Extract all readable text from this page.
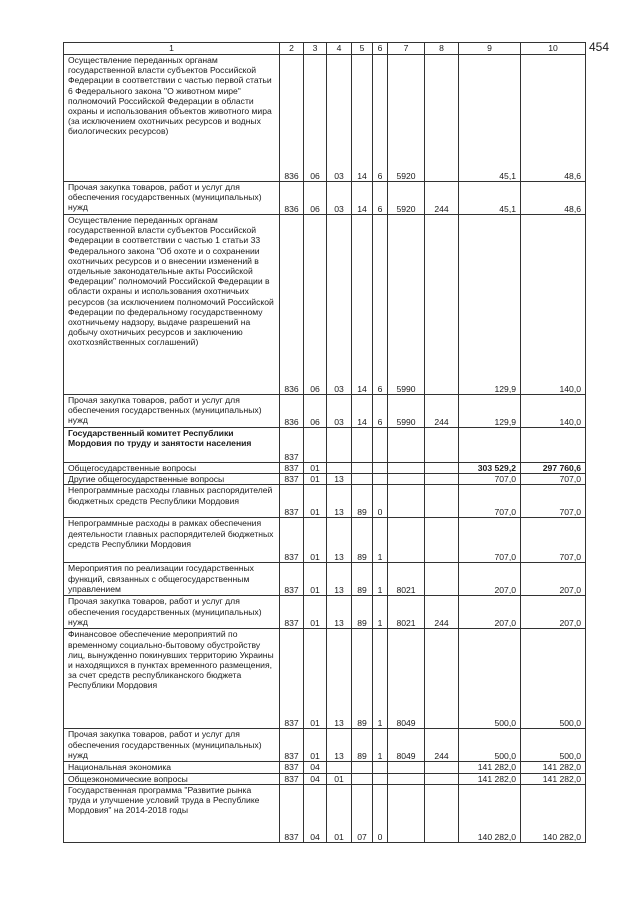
454
1	2	3	4	5	6	7	8	9	10
Осуществление переданных органам государственной власти субъектов Российской Федерации в соответствии с частью первой статьи 6 Федерального закона "О животном мире" полномочий Российской Федерации в области охраны и использования объектов животного мира (за исключением охотничьих ресурсов и водных биологических ресурсов)	836	06	03	14	6	5920		45,1	48,6
Прочая закупка товаров, работ и услуг для обеспечения государственных (муниципальных) нужд	836	06	03	14	6	5920	244	45,1	48,6
Осуществление переданных органам государственной власти субъектов Российской Федерации в соответствии с частью 1 статьи 33 Федерального закона "Об охоте и о сохранении охотничьих ресурсов и о внесении изменений в отдельные законодательные акты Российской Федерации" полномочий Российской Федерации в области охраны и использования охотничьих ресурсов (за исключением полномочий Российской Федерации по федеральному государственному охотничьему надзору, выдаче разрешений на добычу охотничьих ресурсов и заключению охотхозяйственных соглашений)	836	06	03	14	6	5990		129,9	140,0
Прочая закупка товаров, работ и услуг для обеспечения государственных (муниципальных) нужд	836	06	03	14	6	5990	244	129,9	140,0
Государственный комитет Республики Мордовия по труду и занятости населения	837								
Общегосударственные вопросы	837	01						303 529,2	297 760,6
Другие общегосударственные вопросы	837	01	13					707,0	707,0
Непрограммные расходы главных распорядителей бюджетных средств Республики Мордовия	837	01	13	89	0			707,0	707,0
Непрограммные расходы в рамках обеспечения деятельности главных распорядителей бюджетных средств Республики Мордовия	837	01	13	89	1			707,0	707,0
Мероприятия по реализации государственных функций, связанных с общегосударственным управлением	837	01	13	89	1	8021		207,0	207,0
Прочая закупка товаров, работ и услуг для обеспечения государственных (муниципальных) нужд	837	01	13	89	1	8021	244	207,0	207,0
Финансовое обеспечение мероприятий по временному социально-бытовому обустройству лиц, вынужденно покинувших территорию Украины и находящихся в пунктах временного размещения, за счет средств республиканского бюджета Республики Мордовия	837	01	13	89	1	8049		500,0	500,0
Прочая закупка товаров, работ и услуг для обеспечения государственных (муниципальных) нужд	837	01	13	89	1	8049	244	500,0	500,0
Национальная экономика	837	04						141 282,0	141 282,0
Общеэкономические вопросы	837	04	01					141 282,0	141 282,0
Государственная программа "Развитие рынка труда и улучшение условий труда в Республике Мордовия" на 2014-2018 годы	837	04	01	07	0			140 282,0	140 282,0
